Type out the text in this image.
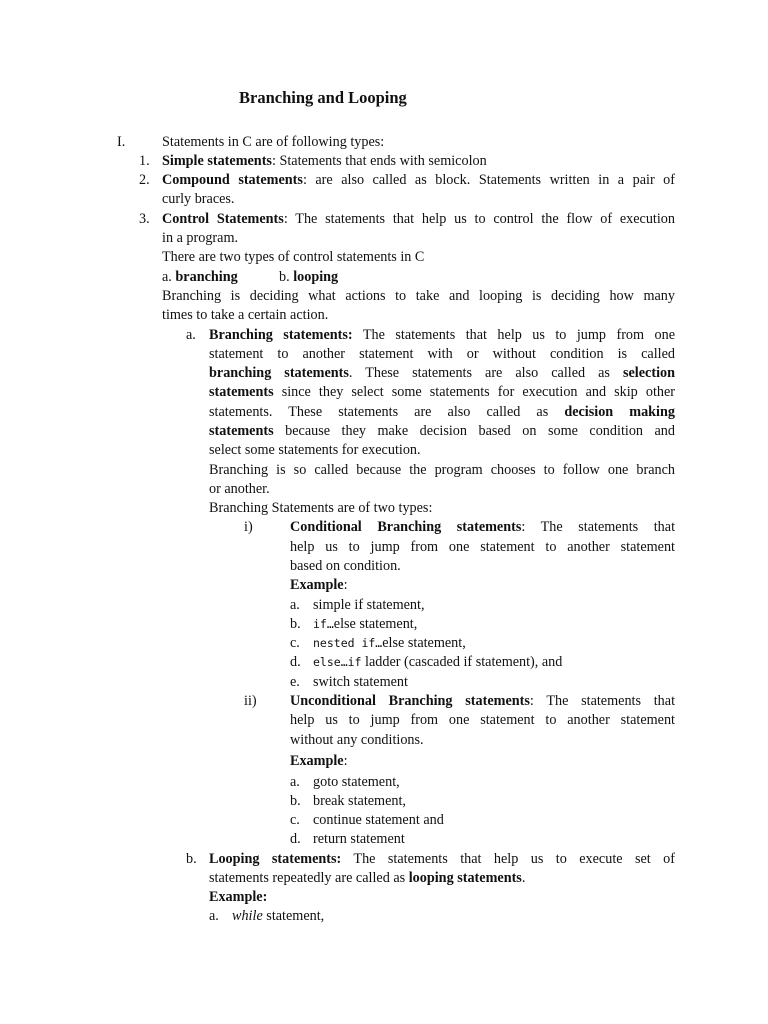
Branching and Looping
I.	Statements in C are of following types:
1. Simple statements: Statements that ends with semicolon
2. Compound statements: are also called as block. Statements written in a pair of
curly braces.
3. Control Statements: The statements that help us to control the flow of execution
in a program.
There are two types of control statements in C
a. branching	b. looping
Branching is deciding what actions to take and looping is deciding how many
times to take a certain action.
a. Branching statements: The statements that help us to jump from one
statement to another statement with or without condition is called
branching statements. These statements are also called as selection
statements since they select some statements for execution and skip other
statements. These statements are also called as decision making
statements because they make decision based on some condition and
select some statements for execution.
Branching is so called because the program chooses to follow one branch
or another.
Branching Statements are of two types:
i)	Conditional Branching statements: The statements that
help us to jump from one statement to another statement
based on condition.
Example:
a. simple if statement,
b. if…else statement,
c. nested if…else statement,
d. else…if ladder (cascaded if statement), and
e. switch statement
ii) Unconditional Branching statements: The statements that
help us to jump from one statement to another statement
without any conditions.
Example:
a. goto statement,
b. break statement,
c. continue statement and
d. return statement
b. Looping statements: The statements that help us to execute set of
statements repeatedly are called as looping statements.
Example:
a. while statement,
